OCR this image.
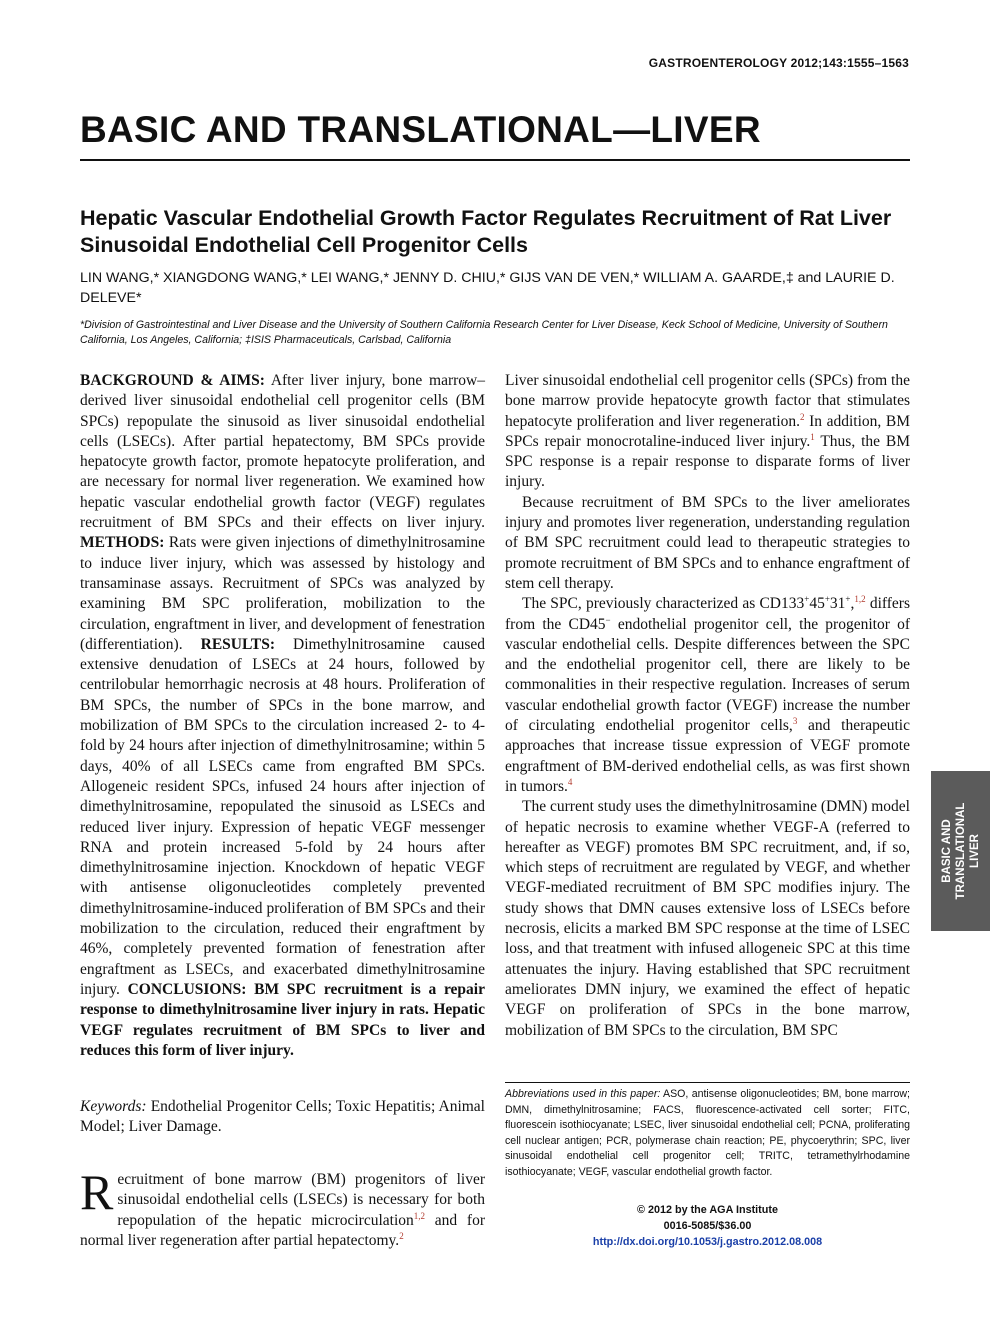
GASTROENTEROLOGY 2012;143:1555–1563
BASIC AND TRANSLATIONAL—LIVER
Hepatic Vascular Endothelial Growth Factor Regulates Recruitment of Rat Liver Sinusoidal Endothelial Cell Progenitor Cells
LIN WANG,* XIANGDONG WANG,* LEI WANG,* JENNY D. CHIU,* GIJS VAN DE VEN,* WILLIAM A. GAARDE,‡ and LAURIE D. DELEVE*
*Division of Gastrointestinal and Liver Disease and the University of Southern California Research Center for Liver Disease, Keck School of Medicine, University of Southern California, Los Angeles, California; ‡ISIS Pharmaceuticals, Carlsbad, California

BACKGROUND & AIMS: After liver injury, bone marrow–derived liver sinusoidal endothelial cell progenitor cells (BM SPCs) repopulate the sinusoid as liver sinusoidal endothelial cells (LSECs). After partial hepatectomy, BM SPCs provide hepatocyte growth factor, promote hepatocyte proliferation, and are necessary for normal liver regeneration. We examined how hepatic vascular endothelial growth factor (VEGF) regulates recruitment of BM SPCs and their effects on liver injury. METHODS: Rats were given injections of dimethylnitrosamine to induce liver injury, which was assessed by histology and transaminase assays. Recruitment of SPCs was analyzed by examining BM SPC proliferation, mobilization to the circulation, engraftment in liver, and development of fenestration (differentiation). RESULTS: Dimethylnitrosamine caused extensive denudation of LSECs at 24 hours, followed by centrilobular hemorrhagic necrosis at 48 hours. Proliferation of BM SPCs, the number of SPCs in the bone marrow, and mobilization of BM SPCs to the circulation increased 2- to 4-fold by 24 hours after injection of dimethylnitrosamine; within 5 days, 40% of all LSECs came from engrafted BM SPCs. Allogeneic resident SPCs, infused 24 hours after injection of dimethylnitrosamine, repopulated the sinusoid as LSECs and reduced liver injury. Expression of hepatic VEGF messenger RNA and protein increased 5-fold by 24 hours after dimethylnitrosamine injection. Knockdown of hepatic VEGF with antisense oligonucleotides completely prevented dimethylnitrosamine-induced proliferation of BM SPCs and their mobilization to the circulation, reduced their engraftment by 46%, completely prevented formation of fenestration after engraftment as LSECs, and exacerbated dimethylnitrosamine injury. CONCLUSIONS: BM SPC recruitment is a repair response to dimethylnitrosamine liver injury in rats. Hepatic VEGF regulates recruitment of BM SPCs to liver and reduces this form of liver injury.

Keywords: Endothelial Progenitor Cells; Toxic Hepatitis; Animal Model; Liver Damage.

Recruitment of bone marrow (BM) progenitors of liver sinusoidal endothelial cells (LSECs) is necessary for both repopulation of the hepatic microcirculation$^{1,2}$ and for normal liver regeneration after partial hepatectomy.$^2$

Liver sinusoidal endothelial cell progenitor cells (SPCs) from the bone marrow provide hepatocyte growth factor that stimulates hepatocyte proliferation and liver regeneration.$^2$ In addition, BM SPCs repair monocrotaline-induced liver injury.$^1$ Thus, the BM SPC response is a repair response to disparate forms of liver injury.

Because recruitment of BM SPCs to the liver ameliorates injury and promotes liver regeneration, understanding regulation of BM SPC recruitment could lead to therapeutic strategies to promote recruitment of BM SPCs and to enhance engraftment of stem cell therapy.

The SPC, previously characterized as CD133+45+31+,$^{1,2}$ differs from the CD45− endothelial progenitor cell, the progenitor of vascular endothelial cells. Despite differences between the SPC and the endothelial progenitor cell, there are likely to be commonalities in their respective regulation. Increases of serum vascular endothelial growth factor (VEGF) increase the number of circulating endothelial progenitor cells,$^3$ and therapeutic approaches that increase tissue expression of VEGF promote engraftment of BM-derived endothelial cells, as was first shown in tumors.$^4$

The current study uses the dimethylnitrosamine (DMN) model of hepatic necrosis to examine whether VEGF-A (referred to hereafter as VEGF) promotes BM SPC recruitment, and, if so, which steps of recruitment are regulated by VEGF, and whether VEGF-mediated recruitment of BM SPC modifies injury. The study shows that DMN causes extensive loss of LSECs before necrosis, elicits a marked BM SPC response at the time of LSEC loss, and that treatment with infused allogeneic SPC at this time attenuates the injury. Having established that SPC recruitment ameliorates DMN injury, we examined the effect of hepatic VEGF on proliferation of SPCs in the bone marrow, mobilization of BM SPCs to the circulation, BM SPC

Abbreviations used in this paper: ASO, antisense oligonucleotides; BM, bone marrow; DMN, dimethylnitrosamine; FACS, fluorescence-activated cell sorter; FITC, fluorescein isothiocyanate; LSEC, liver sinusoidal endothelial cell; PCNA, proliferating cell nuclear antigen; PCR, polymerase chain reaction; PE, phycoerythrin; SPC, liver sinusoidal endothelial cell progenitor cell; TRITC, tetramethylrhodamine isothiocyanate; VEGF, vascular endothelial growth factor.
© 2012 by the AGA Institute
0016-5085/$36.00
http://dx.doi.org/10.1053/j.gastro.2012.08.008
BASIC AND TRANSLATIONAL LIVER
